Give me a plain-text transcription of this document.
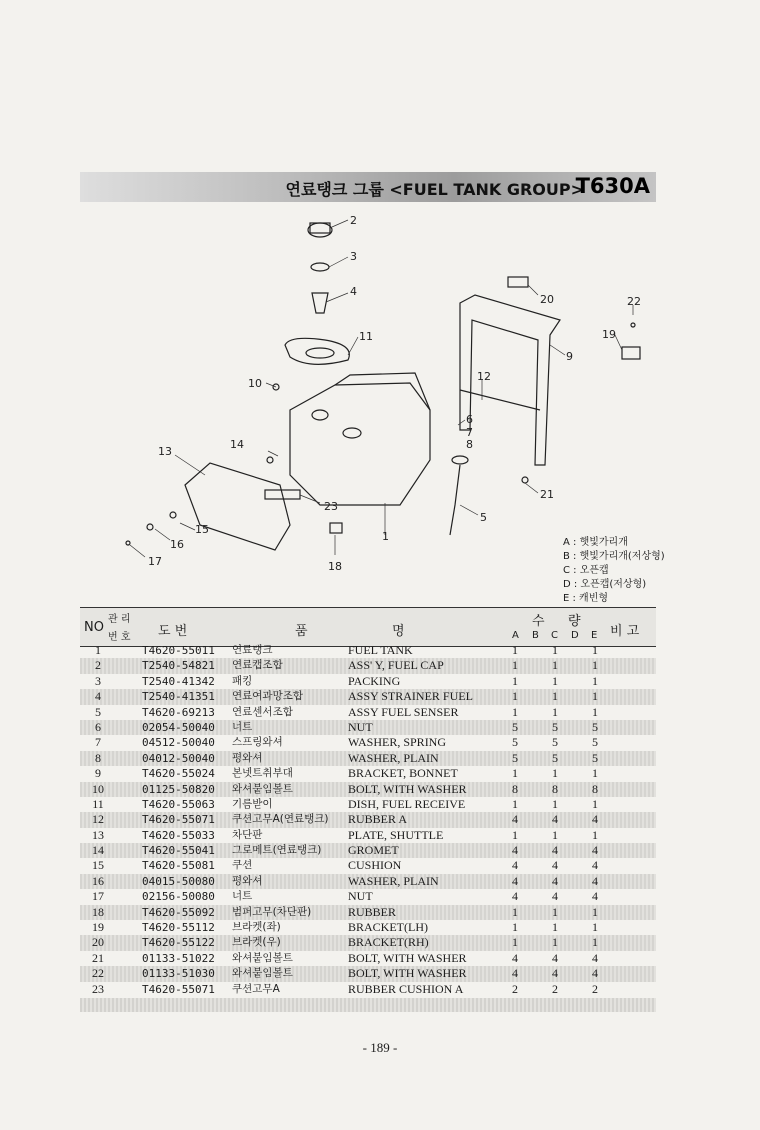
연료탱크 그룹 <FUEL TANK GROUP>
T630A
2
3
4
11
10
14
13
15
16
17
23
18
1
5
6
7
8
12
9
20	22
19
21
A : 햇빛가리개
B : 햇빛가리개(저상형)
C : 오픈캡
D : 오픈캡(저상형)
E : 캐빈형
NO
관 리
번 호 도 번	품	명
수 량
A B C D E 비 고
1	T4620-55011 연료탱크	FUEL TANK	1	1	1
2	T2540-54821 연료캡조합	ASS' Y, FUEL CAP	1	1	1
3	T2540-41342 패킹	PACKING	1	1	1
4	T2540-41351 연료여과망조합	ASSY STRAINER FUEL	1	1	1
5	T4620-69213 연료센서조합	ASSY FUEL SENSER	1	1	1
6	02054-50040 너트	NUT	5	5	5
7	04512-50040 스프링와셔	WASHER, SPRING	5	5	5
8	04012-50040 평와셔	WASHER, PLAIN	5	5	5
9	T4620-55024 본넷트취부대	BRACKET, BONNET	1	1	1
10	01125-50820 와셔붙임볼트	BOLT, WITH WASHER	8	8	8
11	T4620-55063 기름받이	DISH, FUEL RECEIVE	1	1	1
12	T4620-55071 쿠션고무A(연료탱크) RUBBER A	4	4	4
13	T4620-55033 차단판	PLATE, SHUTTLE	1	1	1
14	T4620-55041 그로메트(연료탱크) GROMET	4	4	4
15	T4620-55081 쿠션	CUSHION	4	4	4
16	04015-50080 평와셔	WASHER, PLAIN	4	4	4
17	02156-50080 너트	NUT	4	4	4
18	T4620-55092 범퍼고무(차단판)	RUBBER	1	1	1
19	T4620-55112 브라켓(좌)	BRACKET(LH)	1	1	1
20	T4620-55122 브라켓(우)	BRACKET(RH)	1	1	1
21	01133-51022 와셔붙임볼트	BOLT, WITH WASHER	4	4	4
22	01133-51030 와셔붙임볼트	BOLT, WITH WASHER	4	4	4
23	T4620-55071 쿠션고무A	RUBBER CUSHION A	2	2	2
- 189 -
